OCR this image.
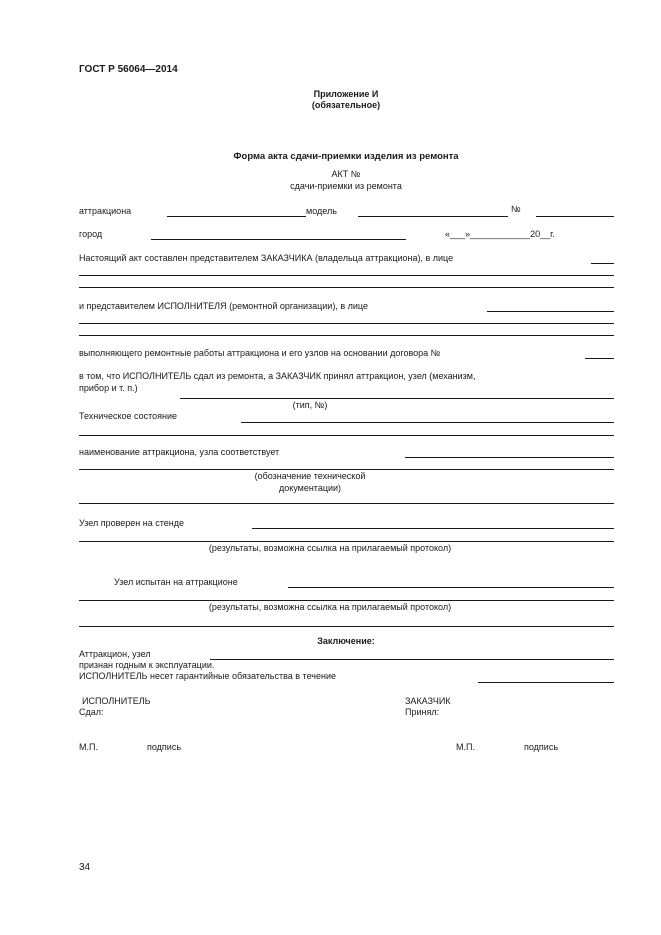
ГОСТ Р 56064—2014
Приложение И
(обязательное)
Форма акта сдачи-приемки изделия из ремонта
АКТ №
сдачи-приемки из ремонта
аттракциона	модель	№
город	«___»____________20__г.
Настоящий акт составлен представителем ЗАКАЗЧИКА (владельца аттракциона), в лице
и представителем ИСПОЛНИТЕЛЯ (ремонтной организации), в лице
выполняющего ремонтные работы аттракциона и его узлов на основании договора №
в том, что ИСПОЛНИТЕЛЬ сдал из ремонта, а ЗАКАЗЧИК принял аттракцион, узел (механизм,
прибор и т. п.)
(тип, №)
Техническое состояние
наименование аттракциона, узла соответствует
(обозначение технической
документации)
Узел проверен на стенде
(результаты, возможна ссылка на прилагаемый протокол)
Узел испытан на аттракционе
(результаты, возможна ссылка на прилагаемый протокол)
Заключение:
Аттракцион, узел
признан годным к эксплуатации.
ИСПОЛНИТЕЛЬ несет гарантийные обязательства в течение
ИСПОЛНИТЕЛЬ
Сдал:
ЗАКАЗЧИК
Принял:
М.П.	подпись	М.П.	подпись
34
